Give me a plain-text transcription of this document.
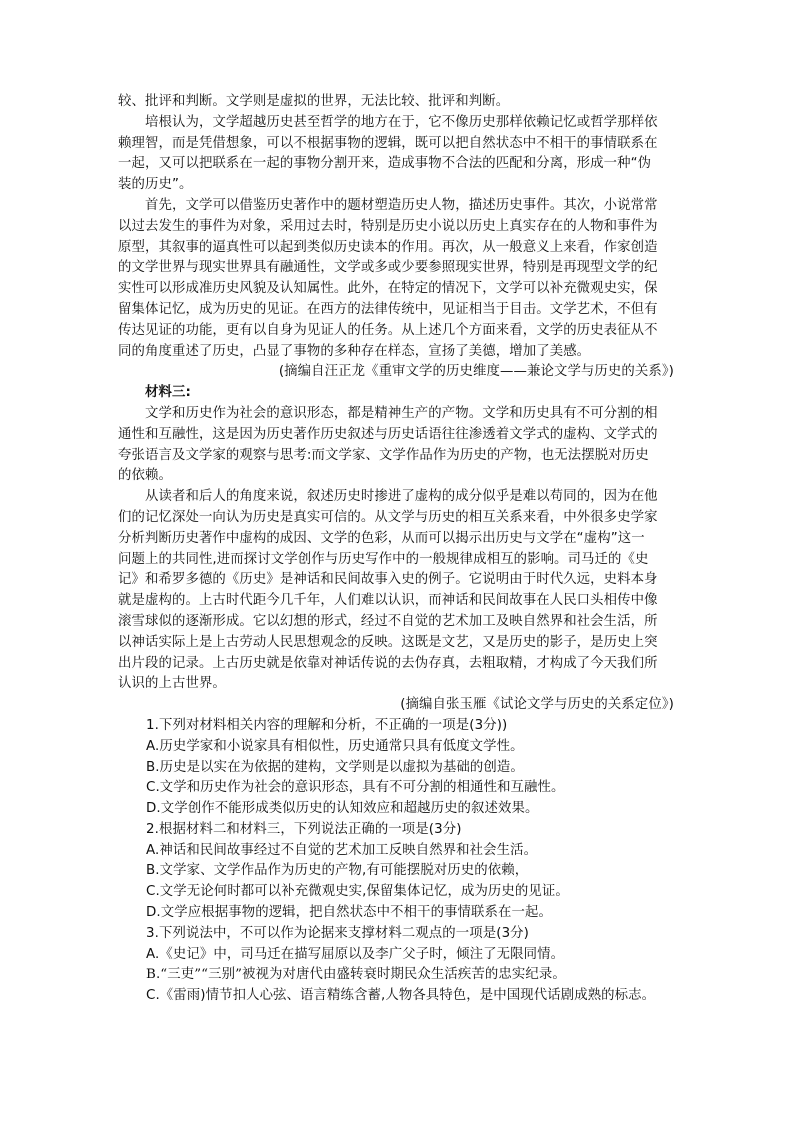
较、批评和判断。文学则是虚拟的世界，无法比较、批评和判断。
培根认为，文学超越历史甚至哲学的地方在于，它不像历史那样依赖记忆或哲学那样依
赖理智，而是凭借想象，可以不根据事物的逻辑，既可以把自然状态中不相干的事情联系在
一起，又可以把联系在一起的事物分割开来，造成事物不合法的匹配和分离，形成一种“伪
装的历史”。
首先，文学可以借鉴历史著作中的题材塑造历史人物，描述历史事件。其次，小说常常
以过去发生的事件为对象，采用过去时，特别是历史小说以历史上真实存在的人物和事件为
原型，其叙事的逼真性可以起到类似历史读本的作用。再次，从一般意义上来看，作家创造
的文学世界与现实世界具有融通性，文学或多或少要参照现实世界，特别是再现型文学的纪
实性可以形成准历史风貌及认知属性。此外，在特定的情况下，文学可以补充微观史实，保
留集体记忆，成为历史的见证。在西方的法律传统中，见证相当于目击。文学艺术，不但有
传达见证的功能，更有以自身为见证人的任务。从上述几个方面来看，文学的历史表征从不
同的角度重述了历史，凸显了事物的多种存在样态，宣扬了美德，增加了美感。
(摘编自汪正龙《重审文学的历史维度——兼论文学与历史的关系》)
材料三:
文学和历史作为社会的意识形态，都是精神生产的产物。文学和历史具有不可分割的相
通性和互融性，这是因为历史著作历史叙述与历史话语往往渗透着文学式的虚构、文学式的
夸张语言及文学家的观察与思考:而文学家、文学作品作为历史的产物，也无法摆脱对历史
的依赖。
从读者和后人的角度来说，叙述历史时掺进了虚构的成分似乎是难以苟同的，因为在他
们的记忆深处一向认为历史是真实可信的。从文学与历史的相互关系来看，中外很多史学家
分析判断历史著作中虚构的成因、文学的色彩，从而可以揭示出历史与文学在“虚构”这一
问题上的共同性,进而探讨文学创作与历史写作中的一般规律成相互的影响。司马迁的《史
记》和希罗多德的《历史》是神话和民间故事入史的例子。它说明由于时代久远，史料本身
就是虚构的。上古时代距今几千年，人们难以认识，而神话和民间故事在人民口头相传中像
滚雪球似的逐渐形成。它以幻想的形式，经过不自觉的艺术加工及映自然界和社会生活，所
以神话实际上是上古劳动人民思想观念的反映。这既是文艺，又是历史的影子，是历史上突
出片段的记录。上古历史就是依靠对神话传说的去伪存真，去粗取精，才构成了今天我们所
认识的上古世界。
(摘编自张玉雁《试论文学与历史的关系定位》)
1.下列对材料相关内容的理解和分析，不正确的一项是(3分))
A.历史学家和小说家具有相似性，历史通常只具有低度文学性。
B.历史是以实在为依据的建构，文学则是以虚拟为基础的创造。
C.文学和历史作为社会的意识形态，具有不可分割的相通性和互融性。
D.文学创作不能形成类似历史的认知效应和超越历史的叙述效果。
2.根据材料二和材料三，下列说法正确的一项是(3分)
A.神话和民间故事经过不自觉的艺术加工反映自然界和社会生活。
B.文学家、文学作品作为历史的产物,有可能摆脱对历史的依赖，
C.文学无论何时都可以补充微观史实,保留集体记忆，成为历史的见证。
D.文学应根据事物的逻辑，把自然状态中不相干的事情联系在一起。
3.下列说法中，不可以作为论据来支撑材料二观点的一项是(3分)
A.《史记》中，司马迁在描写屈原以及李广父子时，倾注了无限同情。
B.“三吏”“三别”被视为对唐代由盛转衰时期民众生活疾苦的忠实纪录。
C.《雷雨)情节扣人心弦、语言精练含蓄,人物各具特色，是中国现代话剧成熟的标志。
